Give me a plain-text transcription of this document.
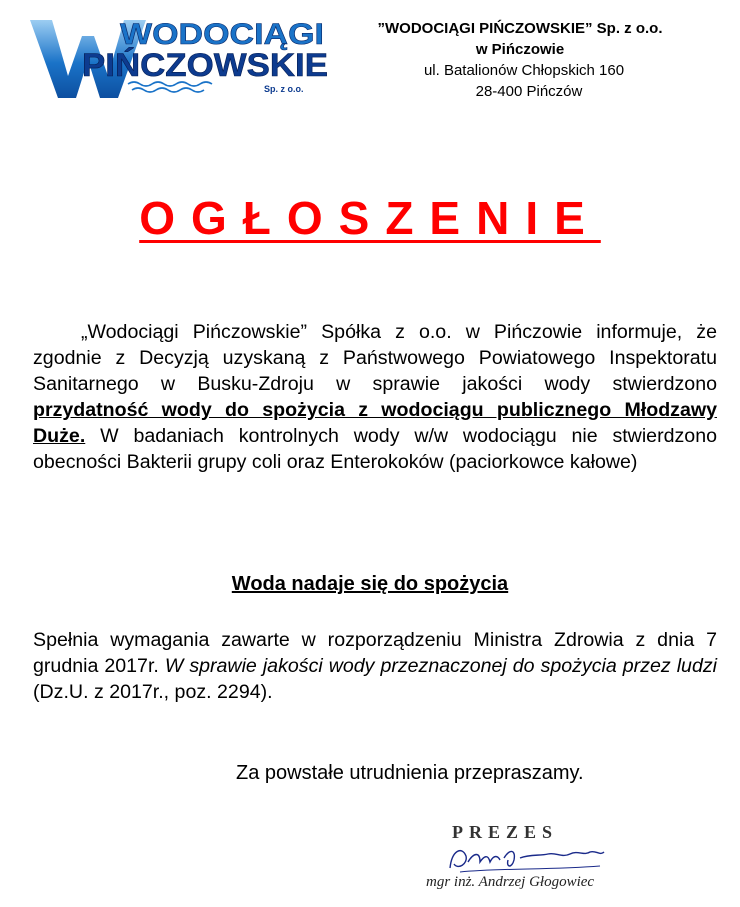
WODOCIĄGI
PIŃCZOWSKIE
Sp. z o.o.
”WODOCIĄGI PIŃCZOWSKIE” Sp. z o.o.
w Pińczowie
ul. Batalionów Chłopskich 160
28-400 Pińczów
OGŁOSZENIE

„Wodociągi Pińczowskie” Spółka z o.o. w Pińczowie informuje, że zgodnie z Decyzją uzyskaną z Państwowego Powiatowego Inspektoratu Sanitarnego w Busku-Zdroju w sprawie jakości wody stwierdzono przydatność wody do spożycia z wodociągu publicznego Młodzawy Duże. W badaniach kontrolnych wody w/w wodociągu nie stwierdzono obecności Bakterii grupy coli oraz Enterokoków (paciorkowce kałowe)

Woda nadaje się do spożycia

Spełnia wymagania zawarte w rozporządzeniu Ministra Zdrowia z dnia 7 grudnia 2017r. W sprawie jakości wody przeznaczonej do spożycia przez ludzi (Dz.U. z 2017r., poz. 2294).

Za powstałe utrudnienia przepraszamy.
PREZES
mgr inż. Andrzej Głogowiec
